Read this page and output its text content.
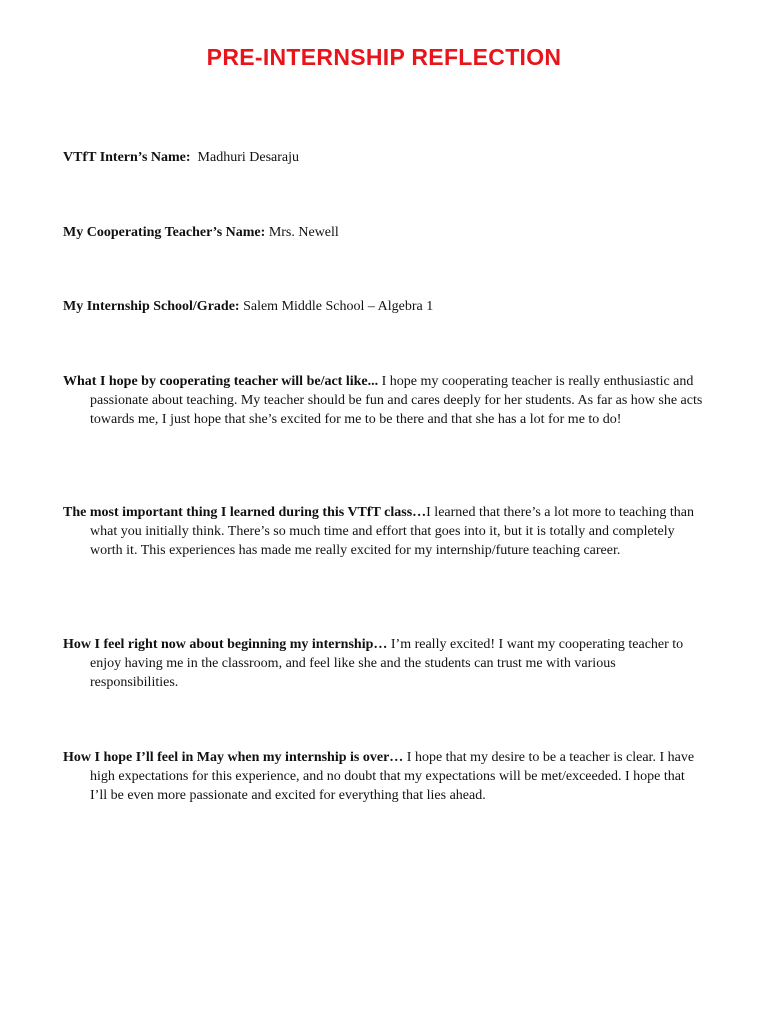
PRE-INTERNSHIP REFLECTION
VTfT Intern’s Name: Madhuri Desaraju
My Cooperating Teacher’s Name: Mrs. Newell
My Internship School/Grade: Salem Middle School – Algebra 1
What I hope by cooperating teacher will be/act like... I hope my cooperating teacher is really enthusiastic and passionate about teaching. My teacher should be fun and cares deeply for her students. As far as how she acts towards me, I just hope that she’s excited for me to be there and that she has a lot for me to do!
The most important thing I learned during this VTfT class…I learned that there’s a lot more to teaching than what you initially think. There’s so much time and effort that goes into it, but it is totally and completely worth it. This experiences has made me really excited for my internship/future teaching career.
How I feel right now about beginning my internship… I’m really excited! I want my cooperating teacher to enjoy having me in the classroom, and feel like she and the students can trust me with various responsibilities.
How I hope I’ll feel in May when my internship is over… I hope that my desire to be a teacher is clear. I have high expectations for this experience, and no doubt that my expectations will be met/exceeded. I hope that I’ll be even more passionate and excited for everything that lies ahead.
